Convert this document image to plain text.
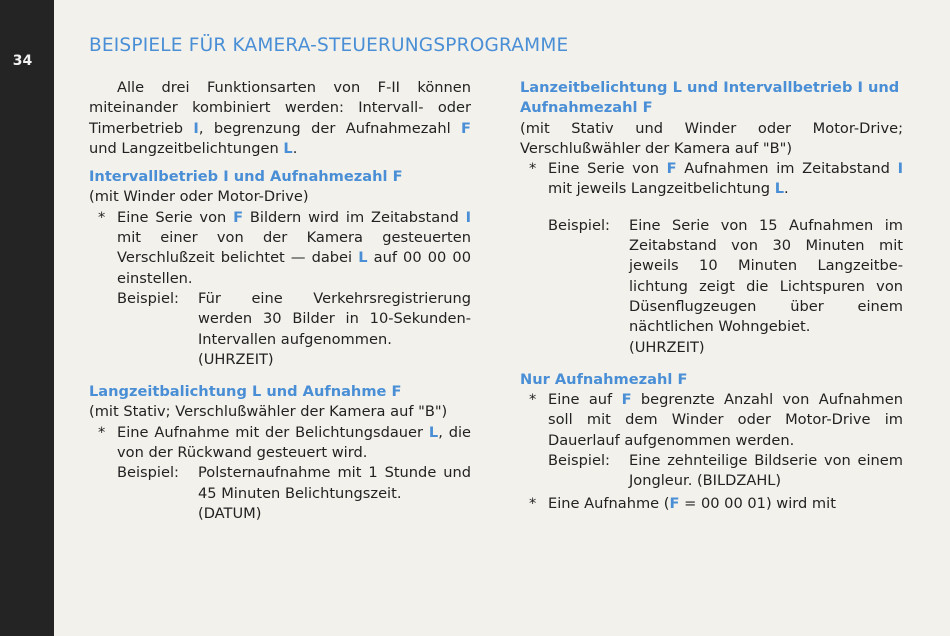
34
BEISPIELE FÜR KAMERA-STEUERUNGSPROGRAMME

Alle drei Funktionsarten von F-II können miteinander kombiniert werden: Intervall- oder Timerbetrieb I, begrenzung der Aufnahmezahl F und Langzeitbelichtungen L.

Intervallbetrieb I und Aufnahmezahl F

(mit Winder oder Motor-Drive)

* Eine Serie von F Bildern wird im Zeitabstand I mit einer von der Kamera gesteuerten Verschlußzeit belichtet — dabei L auf 00 00 00 einstellen.

Beispiel:	Für eine Verkehrsregistrierung werden 30 Bilder in 10-Sekunden-Intervallen aufgenommen.

(UHRZEIT)

Langzeitbalichtung L und Aufnahme F

(mit Stativ; Verschlußwähler der Kamera auf "B")

* Eine Aufnahme mit der Belichtungsdauer L, die von der Rückwand gesteuert wird.

Beispiel:	Polsternaufnahme mit 1 Stunde und 45 Minuten Belichtungszeit.

(DATUM)

Lanzeitbelichtung L und Intervallbetrieb I und Aufnahmezahl F

(mit Stativ und Winder oder Motor-Drive; Verschlußwähler der Kamera auf "B")

* Eine Serie von F Aufnahmen im Zeitabstand I mit jeweils Langzeitbelichtung L.

Beispiel:	Eine Serie von 15 Aufnahmen im Zeitabstand von 30 Minuten mit jeweils 10 Minuten Langzeitbelichtung zeigt die Lichtspuren von Düsenflugzeugen über einem nächtlichen Wohngebiet.

(UHRZEIT)

Nur Aufnahmezahl F

* Eine auf F begrenzte Anzahl von Aufnahmen soll mit dem Winder oder Motor-Drive im Dauerlauf aufgenommen werden.

Beispiel:	Eine zehnteilige Bildserie von einem Jongleur. (BILDZAHL)

* Eine Aufnahme (F = 00 00 01) wird mit
